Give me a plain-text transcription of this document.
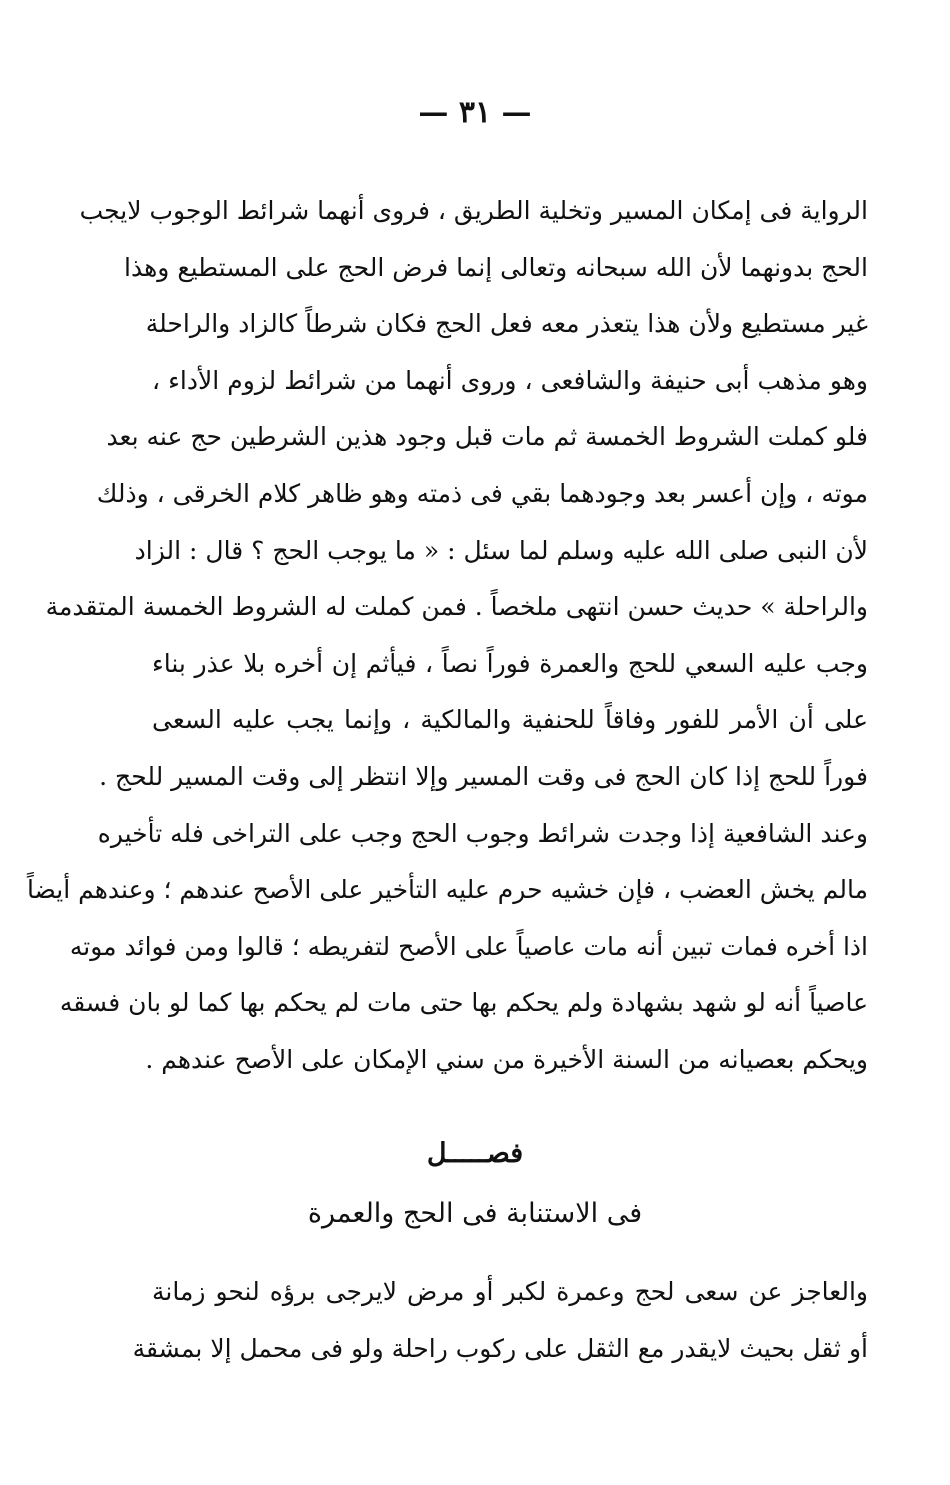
— ٣١ —
الرواية فى إمكان المسير وتخلية الطريق ، فروى أنهما شرائط الوجوب لايجب
الحج بدونهما لأن الله سبحانه وتعالى إنما فرض الحج على المستطيع وهذا
غير مستطيع ولأن هذا يتعذر معه فعل الحج فكان شرطاً كالزاد والراحلة
وهو مذهب أبى حنيفة والشافعى ، وروى أنهما من شرائط لزوم الأداء ،
فلو كملت الشروط الخمسة ثم مات قبل وجود هذين الشرطين حج عنه بعد
موته ، وإن أعسر بعد وجودهما بقي فى ذمته وهو ظاهر كلام الخرقى ، وذلك
لأن النبى صلى الله عليه وسلم لما سئل : « ما يوجب الحج ؟ قال : الزاد
والراحلة » حديث حسن انتهى ملخصاً . فمن كملت له الشروط الخمسة المتقدمة
وجب عليه السعي للحج والعمرة فوراً نصاً ، فيأثم إن أخره بلا عذر بناء
على أن الأمر للفور وفاقاً للحنفية والمالكية ، وإنما يجب عليه السعى
فوراً للحج إذا كان الحج فى وقت المسير وإلا انتظر إلى وقت المسير للحج .
وعند الشافعية إذا وجدت شرائط وجوب الحج وجب على التراخى فله تأخيره
مالم يخش العضب ، فإن خشيه حرم عليه التأخير على الأصح عندهم ؛ وعندهم أيضاً
اذا أخره فمات تبين أنه مات عاصياً على الأصح لتفريطه ؛ قالوا ومن فوائد موته
عاصياً أنه لو شهد بشهادة ولم يحكم بها حتى مات لم يحكم بها كما لو بان فسقه
ويحكم بعصيانه من السنة الأخيرة من سني الإمكان على الأصح عندهم .
فصـــــل
فى الاستنابة فى الحج والعمرة
والعاجز عن سعى لحج وعمرة لكبر أو مرض لايرجى برؤه لنحو زمانة
أو ثقل بحيث لايقدر مع الثقل على ركوب راحلة ولو فى محمل إلا بمشقة
